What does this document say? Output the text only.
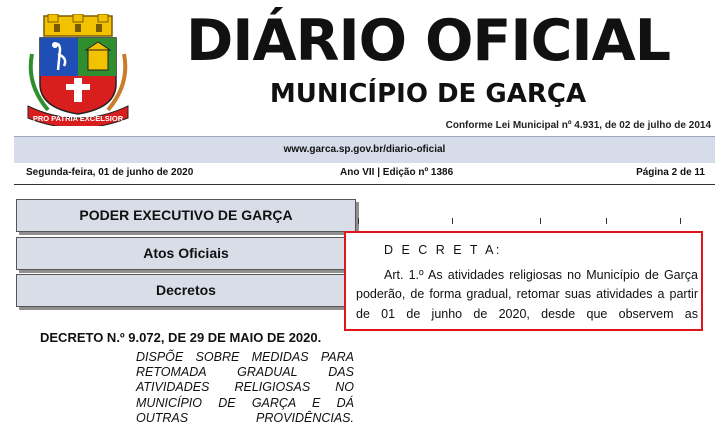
PRO PATRIA EXCELSIOR
DIÁRIO OFICIAL
MUNICÍPIO DE GARÇA
Conforme Lei Municipal nº 4.931, de 02 de julho de 2014
www.garca.sp.gov.br/diario-oficial
Segunda-feira, 01 de junho de 2020	Ano VII | Edição nº 1386	Página 2 de 11
PODER EXECUTIVO DE GARÇA
Atos Oficiais
Decretos
DECRETO N.º 9.072, DE 29 DE MAIO DE 2020.
DISPÕE SOBRE MEDIDAS PARA RETOMADA GRADUAL DAS ATIVIDADES RELIGIOSAS NO MUNICÍPIO DE GARÇA E DÁ OUTRAS PROVIDÊNCIAS.
D E C R E T A:
Art. 1.º As atividades religiosas no Município de Garça poderão, de forma gradual, retomar suas atividades a partir de 01 de junho de 2020, desde que observem as
